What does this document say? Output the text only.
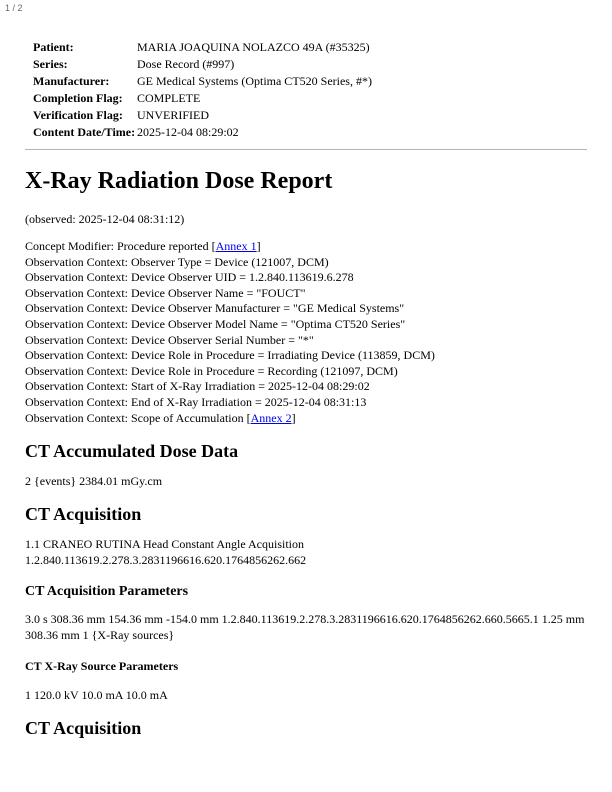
1 / 2
Patient:	MARIA JOAQUINA NOLAZCO 49A (#35325)
Series:	Dose Record (#997)
Manufacturer:	GE Medical Systems (Optima CT520 Series, #*)
Completion Flag:	COMPLETE
Verification Flag:	UNVERIFIED
Content Date/Time:	2025-12-04 08:29:02
X-Ray Radiation Dose Report

(observed: 2025-12-04 08:31:12)

Concept Modifier: Procedure reported [Annex 1]
Observation Context: Observer Type = Device (121007, DCM)
Observation Context: Device Observer UID = 1.2.840.113619.6.278
Observation Context: Device Observer Name = "FOUCT"
Observation Context: Device Observer Manufacturer = "GE Medical Systems"
Observation Context: Device Observer Model Name = "Optima CT520 Series"
Observation Context: Device Observer Serial Number = "*"
Observation Context: Device Role in Procedure = Irradiating Device (113859, DCM)
Observation Context: Device Role in Procedure = Recording (121097, DCM)
Observation Context: Start of X-Ray Irradiation = 2025-12-04 08:29:02
Observation Context: End of X-Ray Irradiation = 2025-12-04 08:31:13
Observation Context: Scope of Accumulation [Annex 2]
CT Accumulated Dose Data

2 {events} 2384.01 mGy.cm

CT Acquisition

1.1 CRANEO RUTINA Head Constant Angle Acquisition
1.2.840.113619.2.278.3.2831196616.620.1764856262.662

CT Acquisition Parameters

3.0 s 308.36 mm 154.36 mm -154.0 mm 1.2.840.113619.2.278.3.2831196616.620.1764856262.660.5665.1 1.25 mm 308.36 mm 1 {X-Ray sources}

CT X-Ray Source Parameters

1 120.0 kV 10.0 mA 10.0 mA

CT Acquisition
